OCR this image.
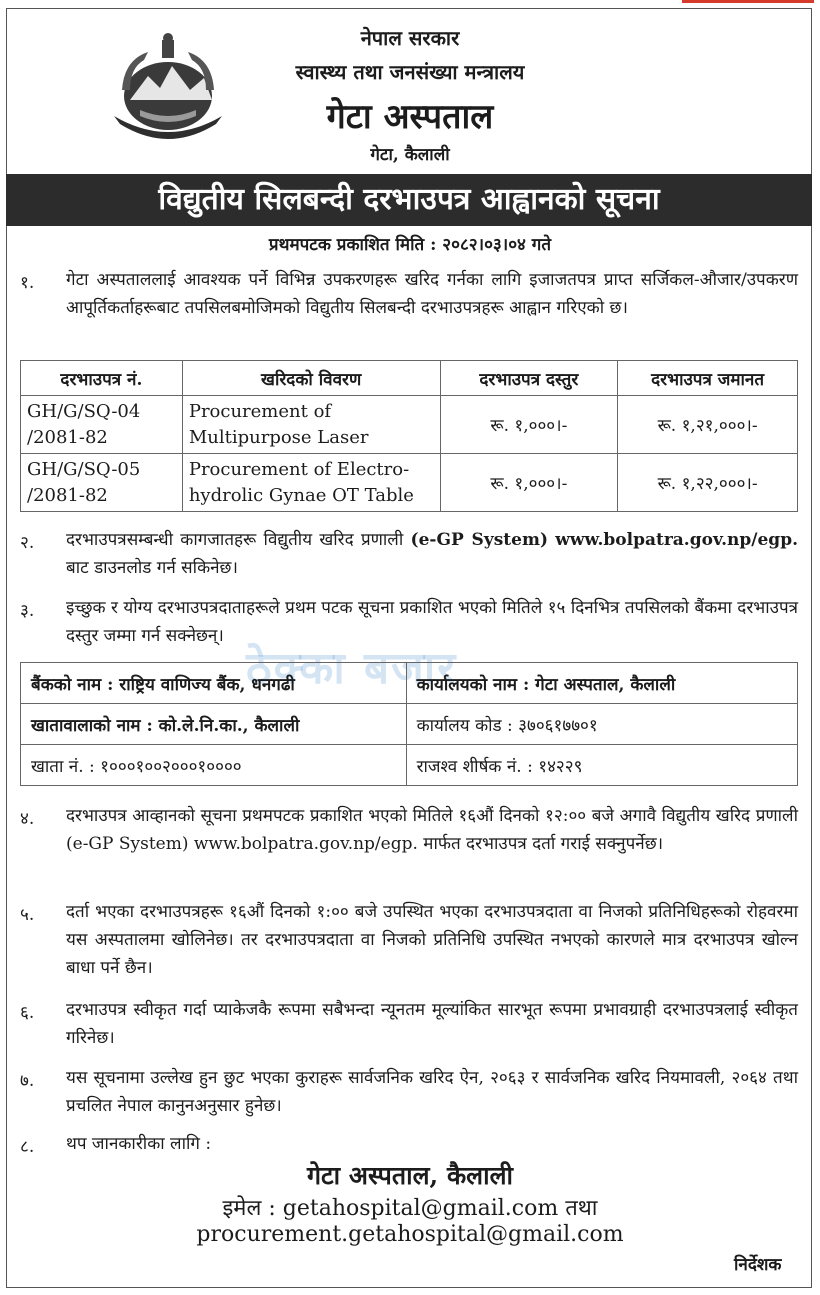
नेपाल सरकार
स्वास्थ्य तथा जनसंख्या मन्त्रालय
गेटा अस्पताल
गेटा, कैलाली
विद्युतीय सिलबन्दी दरभाउपत्र आह्वानको सूचना
प्रथमपटक प्रकाशित मिति : २०८२।०३।०४ गते
१. गेटा अस्पताललाई आवश्यक पर्ने विभिन्न उपकरणहरू खरिद गर्नका लागि इजाजतपत्र प्राप्त सर्जिकल-औजार/उपकरण आपूर्तिकर्ताहरूबाट तपसिलबमोजिमको विद्युतीय सिलबन्दी दरभाउपत्रहरू आह्वान गरिएको छ।
दरभाउपत्र नं.	खरिदको विवरण	दरभाउपत्र दस्तुर	दरभाउपत्र जमानत
GH/G/SQ-04 /2081-82	Procurement of Multipurpose Laser	रू. १,०००।-	रू. १,२१,०००।-
GH/G/SQ-05 /2081-82	Procurement of Electro-hydrolic Gynae OT Table	रू. १,०००।-	रू. १,२२,०००।-
२. दरभाउपत्रसम्बन्धी कागजातहरू विद्युतीय खरिद प्रणाली (e-GP System) www.bolpatra.gov.np/egp. बाट डाउनलोड गर्न सकिनेछ।
३. इच्छुक र योग्य दरभाउपत्रदाताहरूले प्रथम पटक सूचना प्रकाशित भएको मितिले १५ दिनभित्र तपसिलको बैंकमा दरभाउपत्र दस्तुर जम्मा गर्न सक्नेछन्।
ठेक्का बजार
बैंकको नाम : राष्ट्रिय वाणिज्य बैंक, धनगढी	कार्यालयको नाम : गेटा अस्पताल, कैलाली
खातावालाको नाम : को.ले.नि.का., कैलाली	कार्यालय कोड : ३७०६१७७०१
खाता नं. : १०००१००२०००१००००	राजश्व शीर्षक नं. : १४२२९
४. दरभाउपत्र आव्हानको सूचना प्रथमपटक प्रकाशित भएको मितिले १६औं दिनको १२:०० बजे अगावै विद्युतीय खरिद प्रणाली (e-GP System) www.bolpatra.gov.np/egp. मार्फत दरभाउपत्र दर्ता गराई सक्नुपर्नेछ।
५. दर्ता भएका दरभाउपत्रहरू १६औं दिनको १:०० बजे उपस्थित भएका दरभाउपत्रदाता वा निजको प्रतिनिधिहरूको रोहवरमा यस अस्पतालमा खोलिनेछ। तर दरभाउपत्रदाता वा निजको प्रतिनिधि उपस्थित नभएको कारणले मात्र दरभाउपत्र खोल्न बाधा पर्ने छैन।
६. दरभाउपत्र स्वीकृत गर्दा प्याकेजकै रूपमा सबैभन्दा न्यूनतम मूल्यांकित सारभूत रूपमा प्रभावग्राही दरभाउपत्रलाई स्वीकृत गरिनेछ।
७. यस सूचनामा उल्लेख हुन छुट भएका कुराहरू सार्वजनिक खरिद ऐन, २०६३ र सार्वजनिक खरिद नियमावली, २०६४ तथा प्रचलित नेपाल कानुनअनुसार हुनेछ।
८. थप जानकारीका लागि :
गेटा अस्पताल, कैलाली
इमेल : getahospital@gmail.com तथा
procurement.getahospital@gmail.com
निर्देशक
